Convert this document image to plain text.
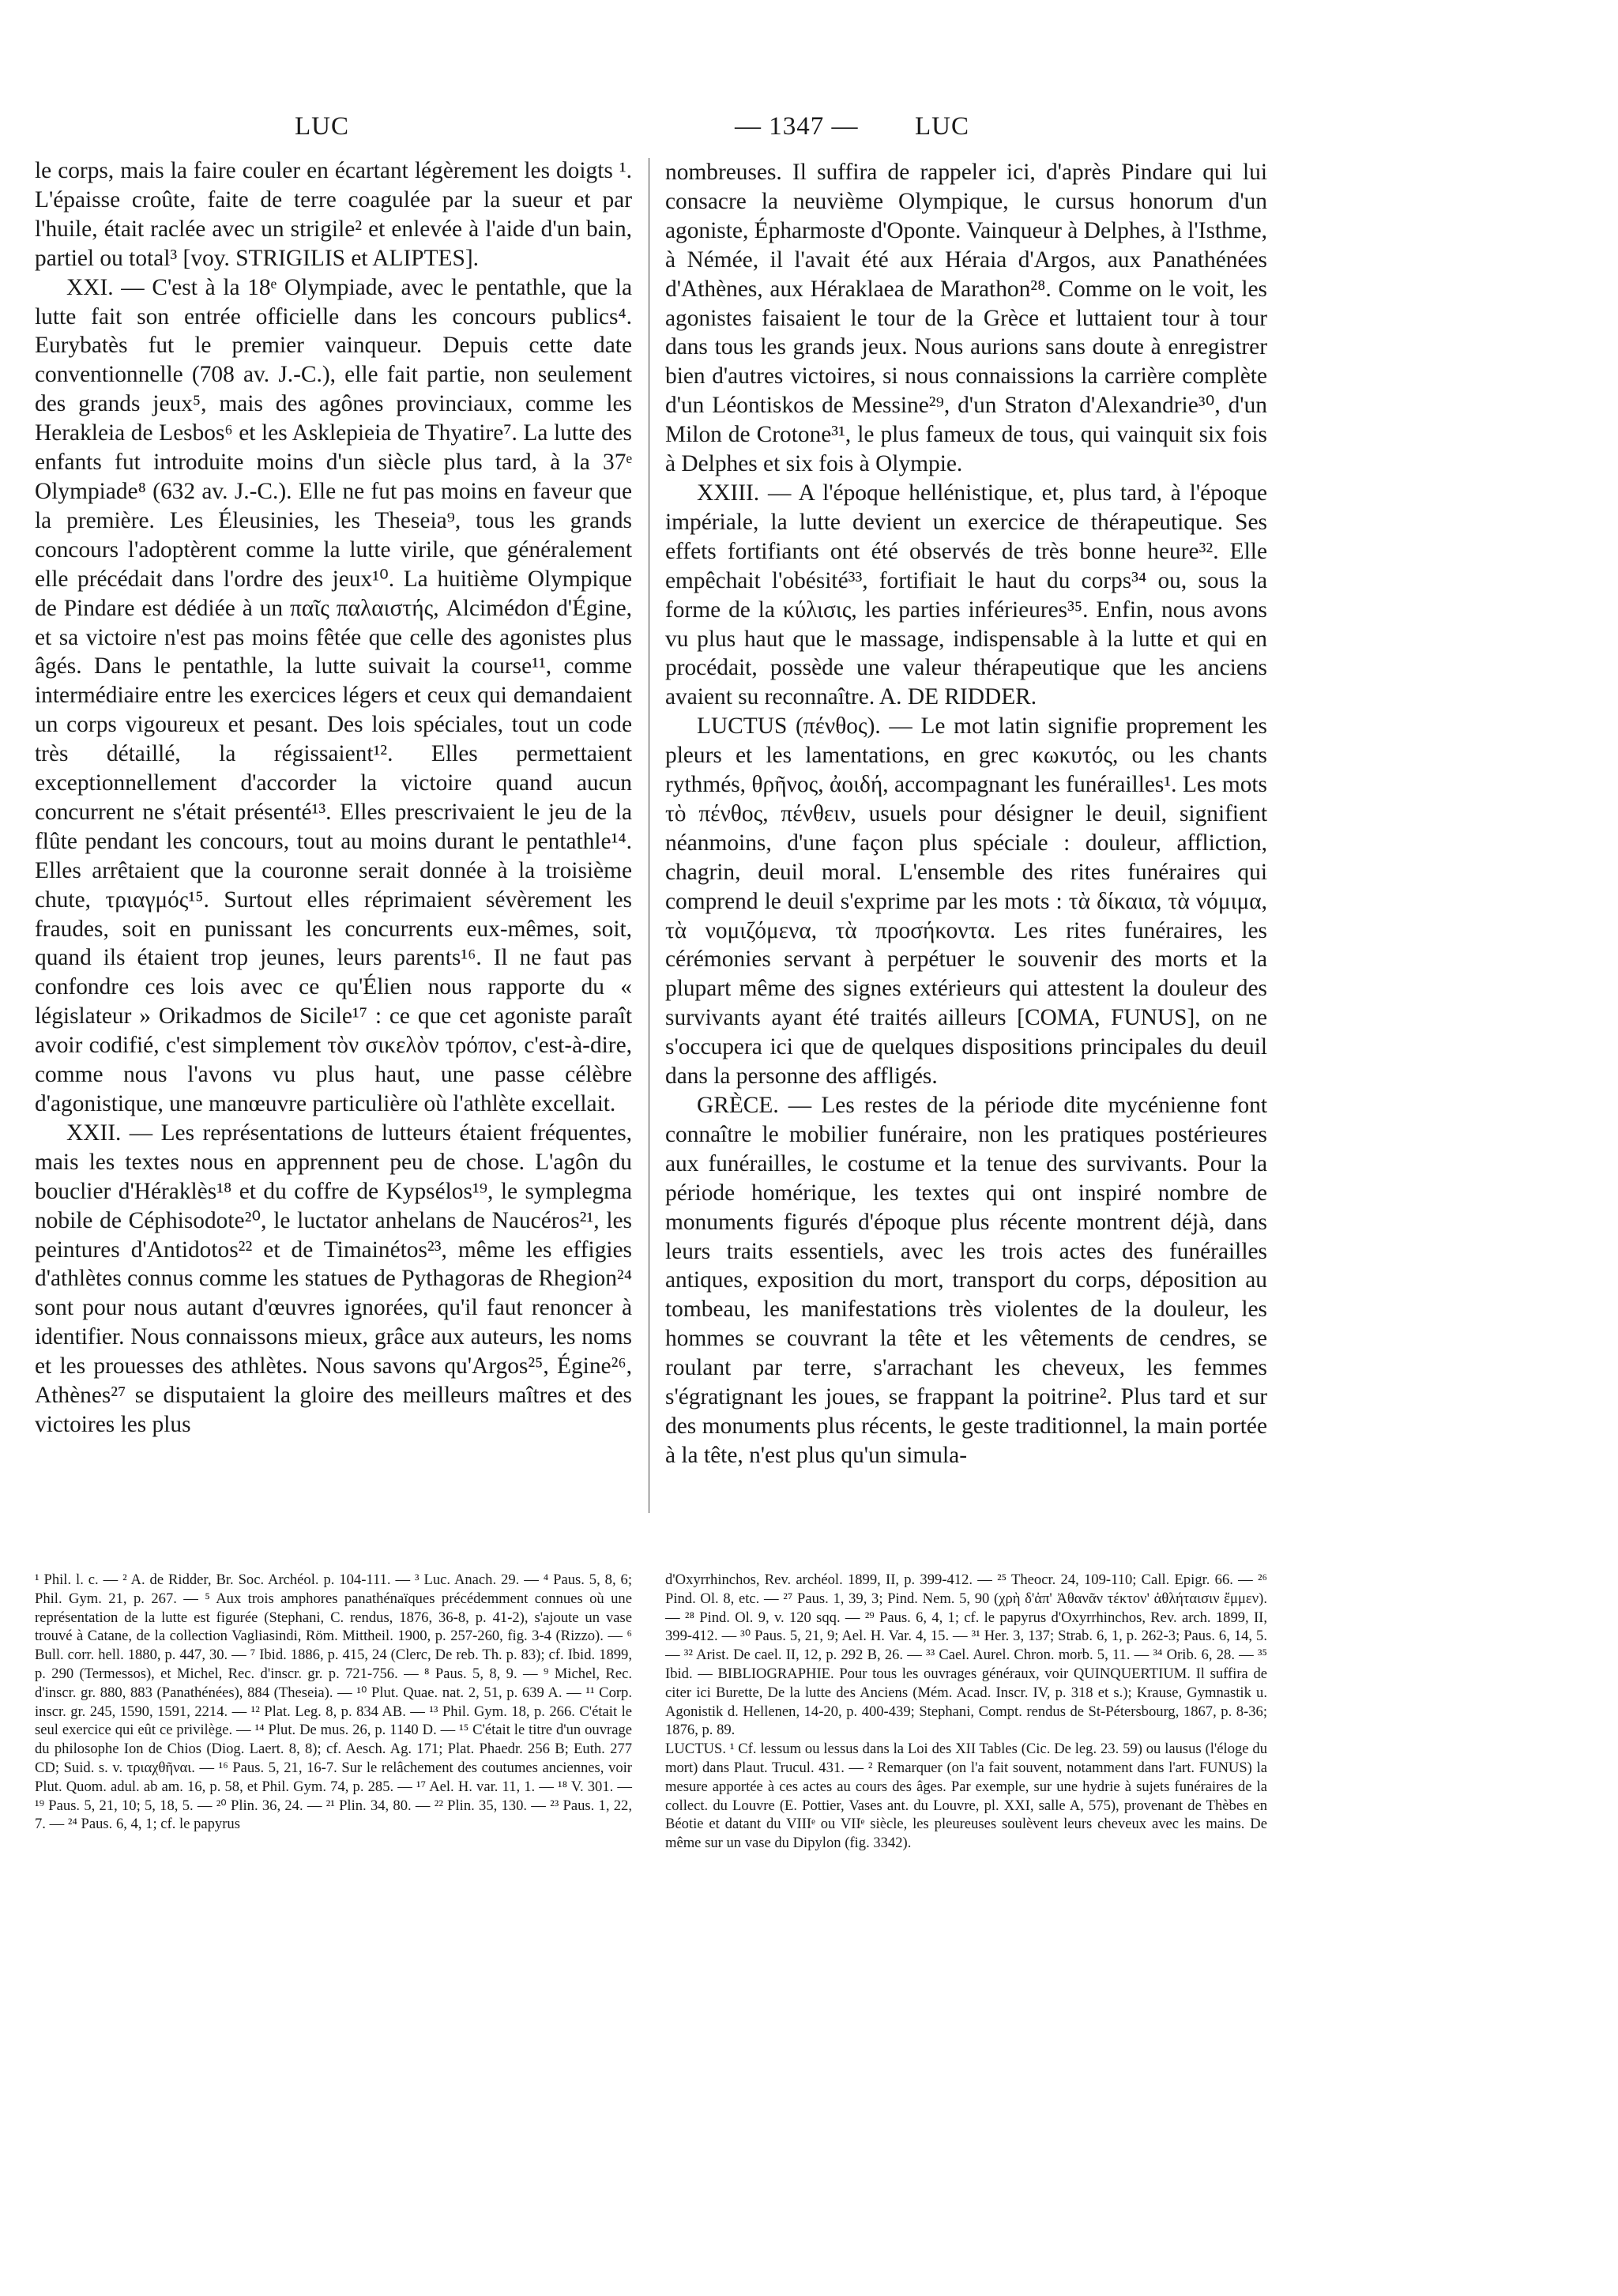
LUC	— 1347 — LUC

le corps, mais la faire couler en écartant légèrement les doigts ¹. L'épaisse croûte, faite de terre coagulée par la sueur et par l'huile, était raclée avec un strigile² et enlevée à l'aide d'un bain, partiel ou total³ [voy. STRIGILIS et ALIPTES].

XXI. — C'est à la 18ᵉ Olympiade, avec le pentathle, que la lutte fait son entrée officielle dans les concours publics⁴. Eurybatès fut le premier vainqueur. Depuis cette date conventionnelle (708 av. J.-C.), elle fait partie, non seulement des grands jeux⁵, mais des agônes provinciaux, comme les Herakleia de Lesbos⁶ et les Asklepieia de Thyatire⁷. La lutte des enfants fut introduite moins d'un siècle plus tard, à la 37ᵉ Olympiade⁸ (632 av. J.-C.). Elle ne fut pas moins en faveur que la première. Les Éleusinies, les Theseia⁹, tous les grands concours l'adoptèrent comme la lutte virile, que généralement elle précédait dans l'ordre des jeux¹⁰. La huitième Olympique de Pindare est dédiée à un παῖς παλαιστής, Alcimédon d'Égine, et sa victoire n'est pas moins fêtée que celle des agonistes plus âgés. Dans le pentathle, la lutte suivait la course¹¹, comme intermédiaire entre les exercices légers et ceux qui demandaient un corps vigoureux et pesant. Des lois spéciales, tout un code très détaillé, la régissaient¹². Elles permettaient exceptionnellement d'accorder la victoire quand aucun concurrent ne s'était présenté¹³. Elles prescrivaient le jeu de la flûte pendant les concours, tout au moins durant le pentathle¹⁴. Elles arrêtaient que la couronne serait donnée à la troisième chute, τριαγμός¹⁵. Surtout elles réprimaient sévèrement les fraudes, soit en punissant les concurrents eux-mêmes, soit, quand ils étaient trop jeunes, leurs parents¹⁶. Il ne faut pas confondre ces lois avec ce qu'Élien nous rapporte du « législateur » Orikadmos de Sicile¹⁷ : ce que cet agoniste paraît avoir codifié, c'est simplement τὸν σικελὸν τρόπον, c'est-à-dire, comme nous l'avons vu plus haut, une passe célèbre d'agonistique, une manœuvre particulière où l'athlète excellait.

XXII. — Les représentations de lutteurs étaient fréquentes, mais les textes nous en apprennent peu de chose. L'agôn du bouclier d'Héraklès¹⁸ et du coffre de Kypsélos¹⁹, le symplegma nobile de Céphisodote²⁰, le luctator anhelans de Naucéros²¹, les peintures d'Antidotos²² et de Timainétos²³, même les effigies d'athlètes connus comme les statues de Pythagoras de Rhegion²⁴ sont pour nous autant d'œuvres ignorées, qu'il faut renoncer à identifier. Nous connaissons mieux, grâce aux auteurs, les noms et les prouesses des athlètes. Nous savons qu'Argos²⁵, Égine²⁶, Athènes²⁷ se disputaient la gloire des meilleurs maîtres et des victoires les plus

nombreuses. Il suffira de rappeler ici, d'après Pindare qui lui consacre la neuvième Olympique, le cursus honorum d'un agoniste, Épharmoste d'Oponte. Vainqueur à Delphes, à l'Isthme, à Némée, il l'avait été aux Héraia d'Argos, aux Panathénées d'Athènes, aux Héraklaea de Marathon²⁸. Comme on le voit, les agonistes faisaient le tour de la Grèce et luttaient tour à tour dans tous les grands jeux. Nous aurions sans doute à enregistrer bien d'autres victoires, si nous connaissions la carrière complète d'un Léontiskos de Messine²⁹, d'un Straton d'Alexandrie³⁰, d'un Milon de Crotone³¹, le plus fameux de tous, qui vainquit six fois à Delphes et six fois à Olympie.

XXIII. — A l'époque hellénistique, et, plus tard, à l'époque impériale, la lutte devient un exercice de thérapeutique. Ses effets fortifiants ont été observés de très bonne heure³². Elle empêchait l'obésité³³, fortifiait le haut du corps³⁴ ou, sous la forme de la κύλισις, les parties inférieures³⁵. Enfin, nous avons vu plus haut que le massage, indispensable à la lutte et qui en procédait, possède une valeur thérapeutique que les anciens avaient su reconnaître. A. DE RIDDER.

LUCTUS (πένθος). — Le mot latin signifie proprement les pleurs et les lamentations, en grec κωκυτός, ou les chants rythmés, θρῆνος, ἀοιδή, accompagnant les funérailles¹. Les mots τὸ πένθος, πένθειν, usuels pour désigner le deuil, signifient néanmoins, d'une façon plus spéciale : douleur, affliction, chagrin, deuil moral. L'ensemble des rites funéraires qui comprend le deuil s'exprime par les mots : τὰ δίκαια, τὰ νόμιμα, τὰ νομιζόμενα, τὰ προσήκοντα. Les rites funéraires, les cérémonies servant à perpétuer le souvenir des morts et la plupart même des signes extérieurs qui attestent la douleur des survivants ayant été traités ailleurs [COMA, FUNUS], on ne s'occupera ici que de quelques dispositions principales du deuil dans la personne des affligés.

GRÈCE. — Les restes de la période dite mycénienne font connaître le mobilier funéraire, non les pratiques postérieures aux funérailles, le costume et la tenue des survivants. Pour la période homérique, les textes qui ont inspiré nombre de monuments figurés d'époque plus récente montrent déjà, dans leurs traits essentiels, avec les trois actes des funérailles antiques, exposition du mort, transport du corps, déposition au tombeau, les manifestations très violentes de la douleur, les hommes se couvrant la tête et les vêtements de cendres, se roulant par terre, s'arrachant les cheveux, les femmes s'égratignant les joues, se frappant la poitrine². Plus tard et sur des monuments plus récents, le geste traditionnel, la main portée à la tête, n'est plus qu'un simula-

¹ Phil. l. c. — ² A. de Ridder, Br. Soc. Archéol. p. 104-111. — ³ Luc. Anach. 29. — ⁴ Paus. 5, 8, 6; Phil. Gym. 21, p. 267. — ⁵ Aux trois amphores panathénaïques précédemment connues où une représentation de la lutte est figurée (Stephani, C. rendus, 1876, 36-8, p. 41-2), s'ajoute un vase trouvé à Catane, de la collection Vagliasindi, Röm. Mittheil. 1900, p. 257-260, fig. 3-4 (Rizzo). — ⁶ Bull. corr. hell. 1880, p. 447, 30. — ⁷ Ibid. 1886, p. 415, 24 (Clerc, De reb. Th. p. 83); cf. Ibid. 1899, p. 290 (Termessos), et Michel, Rec. d'inscr. gr. p. 721-756. — ⁸ Paus. 5, 8, 9. — ⁹ Michel, Rec. d'inscr. gr. 880, 883 (Panathénées), 884 (Theseia). — ¹⁰ Plut. Quae. nat. 2, 51, p. 639 A. — ¹¹ Corp. inscr. gr. 245, 1590, 1591, 2214. — ¹² Plat. Leg. 8, p. 834 AB. — ¹³ Phil. Gym. 18, p. 266. C'était le seul exercice qui eût ce privilège. — ¹⁴ Plut. De mus. 26, p. 1140 D. — ¹⁵ C'était le titre d'un ouvrage du philosophe Ion de Chios (Diog. Laert. 8, 8); cf. Aesch. Ag. 171; Plat. Phaedr. 256 B; Euth. 277 CD; Suid. s. v. τριαχθῆναι. — ¹⁶ Paus. 5, 21, 16-7. Sur le relâchement des coutumes anciennes, voir Plut. Quom. adul. ab am. 16, p. 58, et Phil. Gym. 74, p. 285. — ¹⁷ Ael. H. var. 11, 1. — ¹⁸ V. 301. — ¹⁹ Paus. 5, 21, 10; 5, 18, 5. — ²⁰ Plin. 36, 24. — ²¹ Plin. 34, 80. — ²² Plin. 35, 130. — ²³ Paus. 1, 22, 7. — ²⁴ Paus. 6, 4, 1; cf. le papyrus

d'Oxyrrhinchos, Rev. archéol. 1899, II, p. 399-412. — ²⁵ Theocr. 24, 109-110; Call. Epigr. 66. — ²⁶ Pind. Ol. 8, etc. — ²⁷ Paus. 1, 39, 3; Pind. Nem. 5, 90 (χρὴ δ'ἀπ' Ἀθανᾶν τέκτον' ἀθλήταισιν ἔμμεν). — ²⁸ Pind. Ol. 9, v. 120 sqq. — ²⁹ Paus. 6, 4, 1; cf. le papyrus d'Oxyrrhinchos, Rev. arch. 1899, II, 399-412. — ³⁰ Paus. 5, 21, 9; Ael. H. Var. 4, 15. — ³¹ Her. 3, 137; Strab. 6, 1, p. 262-3; Paus. 6, 14, 5. — ³² Arist. De cael. II, 12, p. 292 B, 26. — ³³ Cael. Aurel. Chron. morb. 5, 11. — ³⁴ Orib. 6, 28. — ³⁵ Ibid. — BIBLIOGRAPHIE. Pour tous les ouvrages généraux, voir QUINQUERTIUM. Il suffira de citer ici Burette, De la lutte des Anciens (Mém. Acad. Inscr. IV, p. 318 et s.); Krause, Gymnastik u. Agonistik d. Hellenen, 14-20, p. 400-439; Stephani, Compt. rendus de St-Pétersbourg, 1867, p. 8-36; 1876, p. 89.

LUCTUS. ¹ Cf. lessum ou lessus dans la Loi des XII Tables (Cic. De leg. 23. 59) ou lausus (l'éloge du mort) dans Plaut. Trucul. 431. — ² Remarquer (on l'a fait souvent, notamment dans l'art. FUNUS) la mesure apportée à ces actes au cours des âges. Par exemple, sur une hydrie à sujets funéraires de la collect. du Louvre (E. Pottier, Vases ant. du Louvre, pl. XXI, salle A, 575), provenant de Thèbes en Béotie et datant du VIIIᵉ ou VIIᵉ siècle, les pleureuses soulèvent leurs cheveux avec les mains. De même sur un vase du Dipylon (fig. 3342).
